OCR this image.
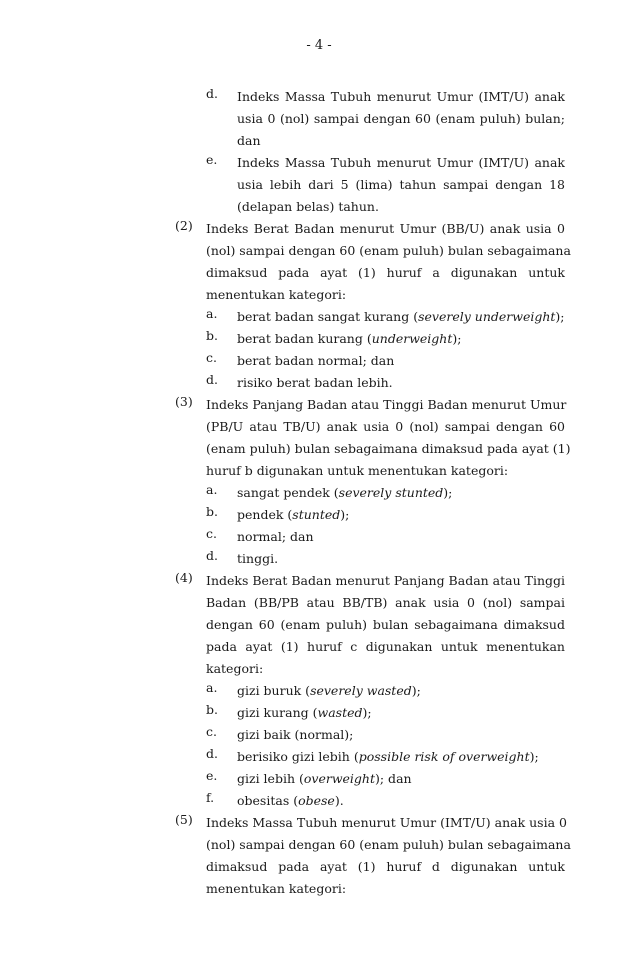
- 4 -
d.	Indeks Massa Tubuh menurut Umur (IMT/U) anak
usia 0 (nol) sampai dengan 60 (enam puluh) bulan;
dan
e.	Indeks Massa Tubuh menurut Umur (IMT/U) anak
usia lebih dari 5 (lima) tahun sampai dengan 18
(delapan belas) tahun.
(2)	Indeks Berat Badan menurut Umur (BB/U) anak usia 0
(nol) sampai dengan 60 (enam puluh) bulan sebagaimana
dimaksud pada ayat (1) huruf a digunakan untuk
menentukan kategori:
a.	berat badan sangat kurang (severely underweight);
b.	berat badan kurang (underweight);
c.	berat badan normal; dan
d.	risiko berat badan lebih.
(3)	Indeks Panjang Badan atau Tinggi Badan menurut Umur
(PB/U atau TB/U) anak usia 0 (nol) sampai dengan 60
(enam puluh) bulan sebagaimana dimaksud pada ayat (1)
huruf b digunakan untuk menentukan kategori:
a.	sangat pendek (severely stunted);
b.	pendek (stunted);
c.	normal; dan
d.	tinggi.
(4)	Indeks Berat Badan menurut Panjang Badan atau Tinggi
Badan (BB/PB atau BB/TB) anak usia 0 (nol) sampai
dengan 60 (enam puluh) bulan sebagaimana dimaksud
pada ayat (1) huruf c digunakan untuk menentukan
kategori:
a.	gizi buruk (severely wasted);
b.	gizi kurang (wasted);
c.	gizi baik (normal);
d.	berisiko gizi lebih (possible risk of overweight);
e.	gizi lebih (overweight); dan
f.	obesitas (obese).
(5)	Indeks Massa Tubuh menurut Umur (IMT/U) anak usia 0
(nol) sampai dengan 60 (enam puluh) bulan sebagaimana
dimaksud pada ayat (1) huruf d digunakan untuk
menentukan kategori:
